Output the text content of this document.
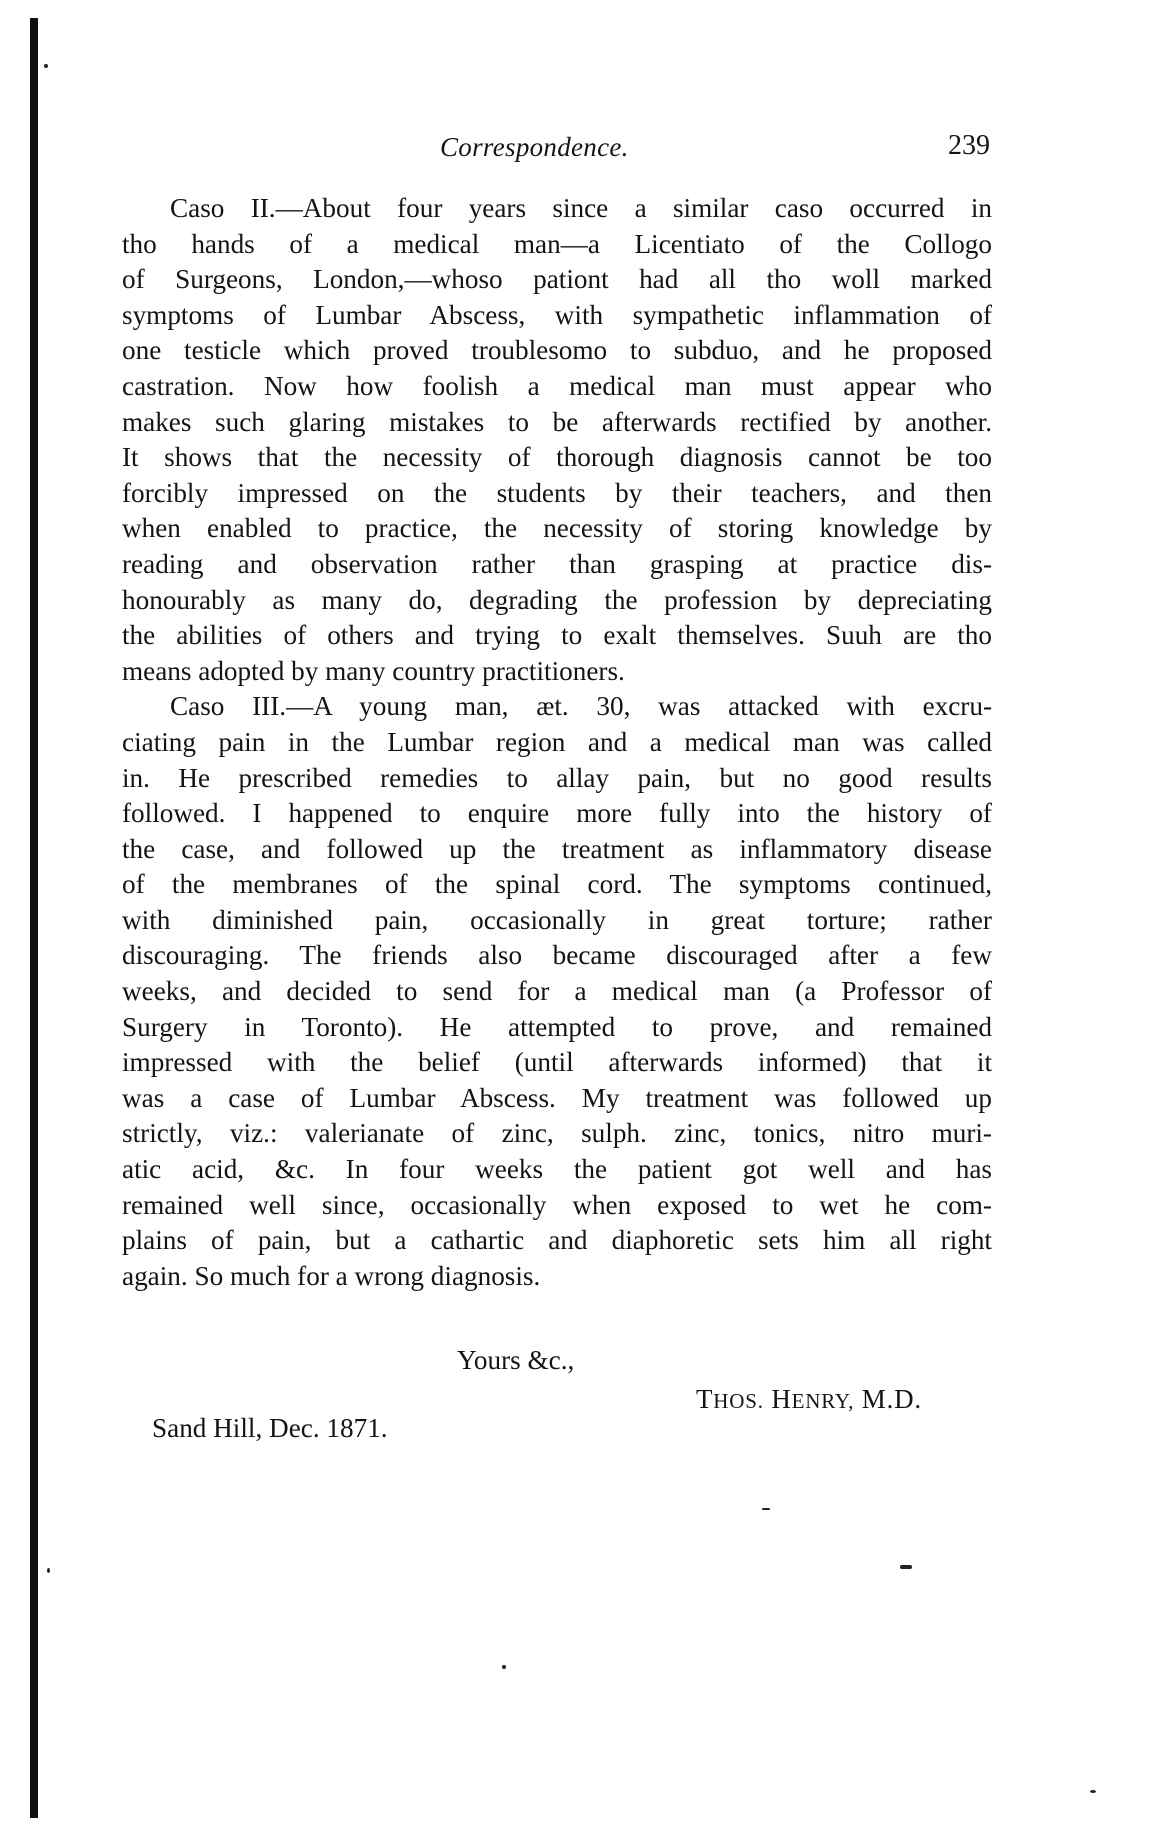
Correspondence.	239
Caso II.—About four years since a similar caso occurred in
tho hands of a medical man—a Licentiato of the Collogo
of Surgeons, London,—whoso pationt had all tho woll marked
symptoms of Lumbar Abscess, with sympathetic inflammation of
one testicle which proved troublesomo to subduo, and he proposed
castration. Now how foolish a medical man must appear who
makes such glaring mistakes to be afterwards rectified by another.
It shows that the necessity of thorough diagnosis cannot be too
forcibly impressed on the students by their teachers, and then
when enabled to practice, the necessity of storing knowledge by
reading and observation rather than grasping at practice dis-
honourably as many do, degrading the profession by depreciating
the abilities of others and trying to exalt themselves. Suuh are tho
means adopted by many country practitioners.
Caso III.—A young man, æt. 30, was attacked with excru-
ciating pain in the Lumbar region and a medical man was called
in. He prescribed remedies to allay pain, but no good results
followed. I happened to enquire more fully into the history of
the case, and followed up the treatment as inflammatory disease
of the membranes of the spinal cord. The symptoms continued,
with diminished pain, occasionally in great torture; rather
discouraging. The friends also became discouraged after a few
weeks, and decided to send for a medical man (a Professor of
Surgery in Toronto). He attempted to prove, and remained
impressed with the belief (until afterwards informed) that it
was a case of Lumbar Abscess. My treatment was followed up
strictly, viz.: valerianate of zinc, sulph. zinc, tonics, nitro muri-
atic acid, &c. In four weeks the patient got well and has
remained well since, occasionally when exposed to wet he com-
plains of pain, but a cathartic and diaphoretic sets him all right
again. So much for a wrong diagnosis.
Yours &c.,
THOS. HENRY, M.D.
Sand Hill, Dec. 1871.
